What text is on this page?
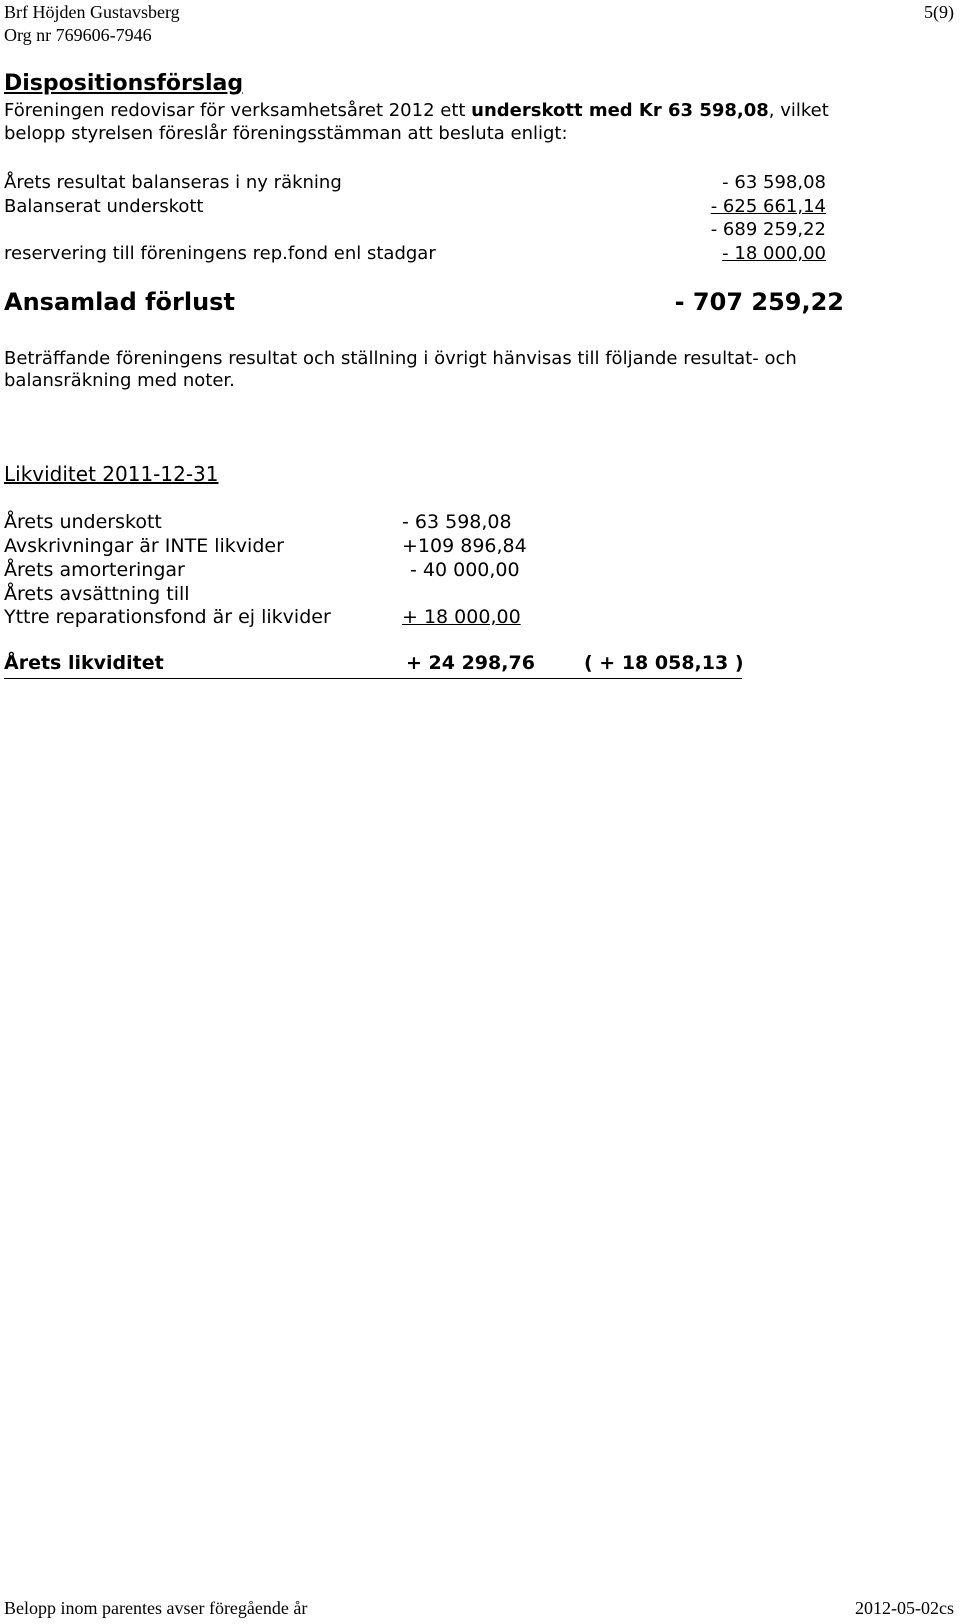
Brf Höjden Gustavsberg
Org nr 769606-7946
5(9)
Dispositionsförslag
Föreningen redovisar för verksamhetsåret 2012 ett underskott med Kr 63 598,08, vilket
belopp styrelsen föreslår föreningsstämman att besluta enligt:
Årets resultat balanseras i ny räkning	- 63 598,08
Balanserat underskott	- 625 661,14
- 689 259,22
reservering till föreningens rep.fond enl stadgar	- 18 000,00
Ansamlad förlust	- 707 259,22
Beträffande föreningens resultat och ställning i övrigt hänvisas till följande resultat- och
balansräkning med noter.
Likviditet 2011-12-31
Årets underskott	- 63 598,08
Avskrivningar är INTE likvider	+109 896,84
Årets amorteringar	- 40 000,00
Årets avsättning till
Yttre reparationsfond är ej likvider	+ 18 000,00
Årets likviditet	+ 24 298,76	( + 18 058,13 )
Belopp inom parentes avser föregående år	2012-05-02cs
